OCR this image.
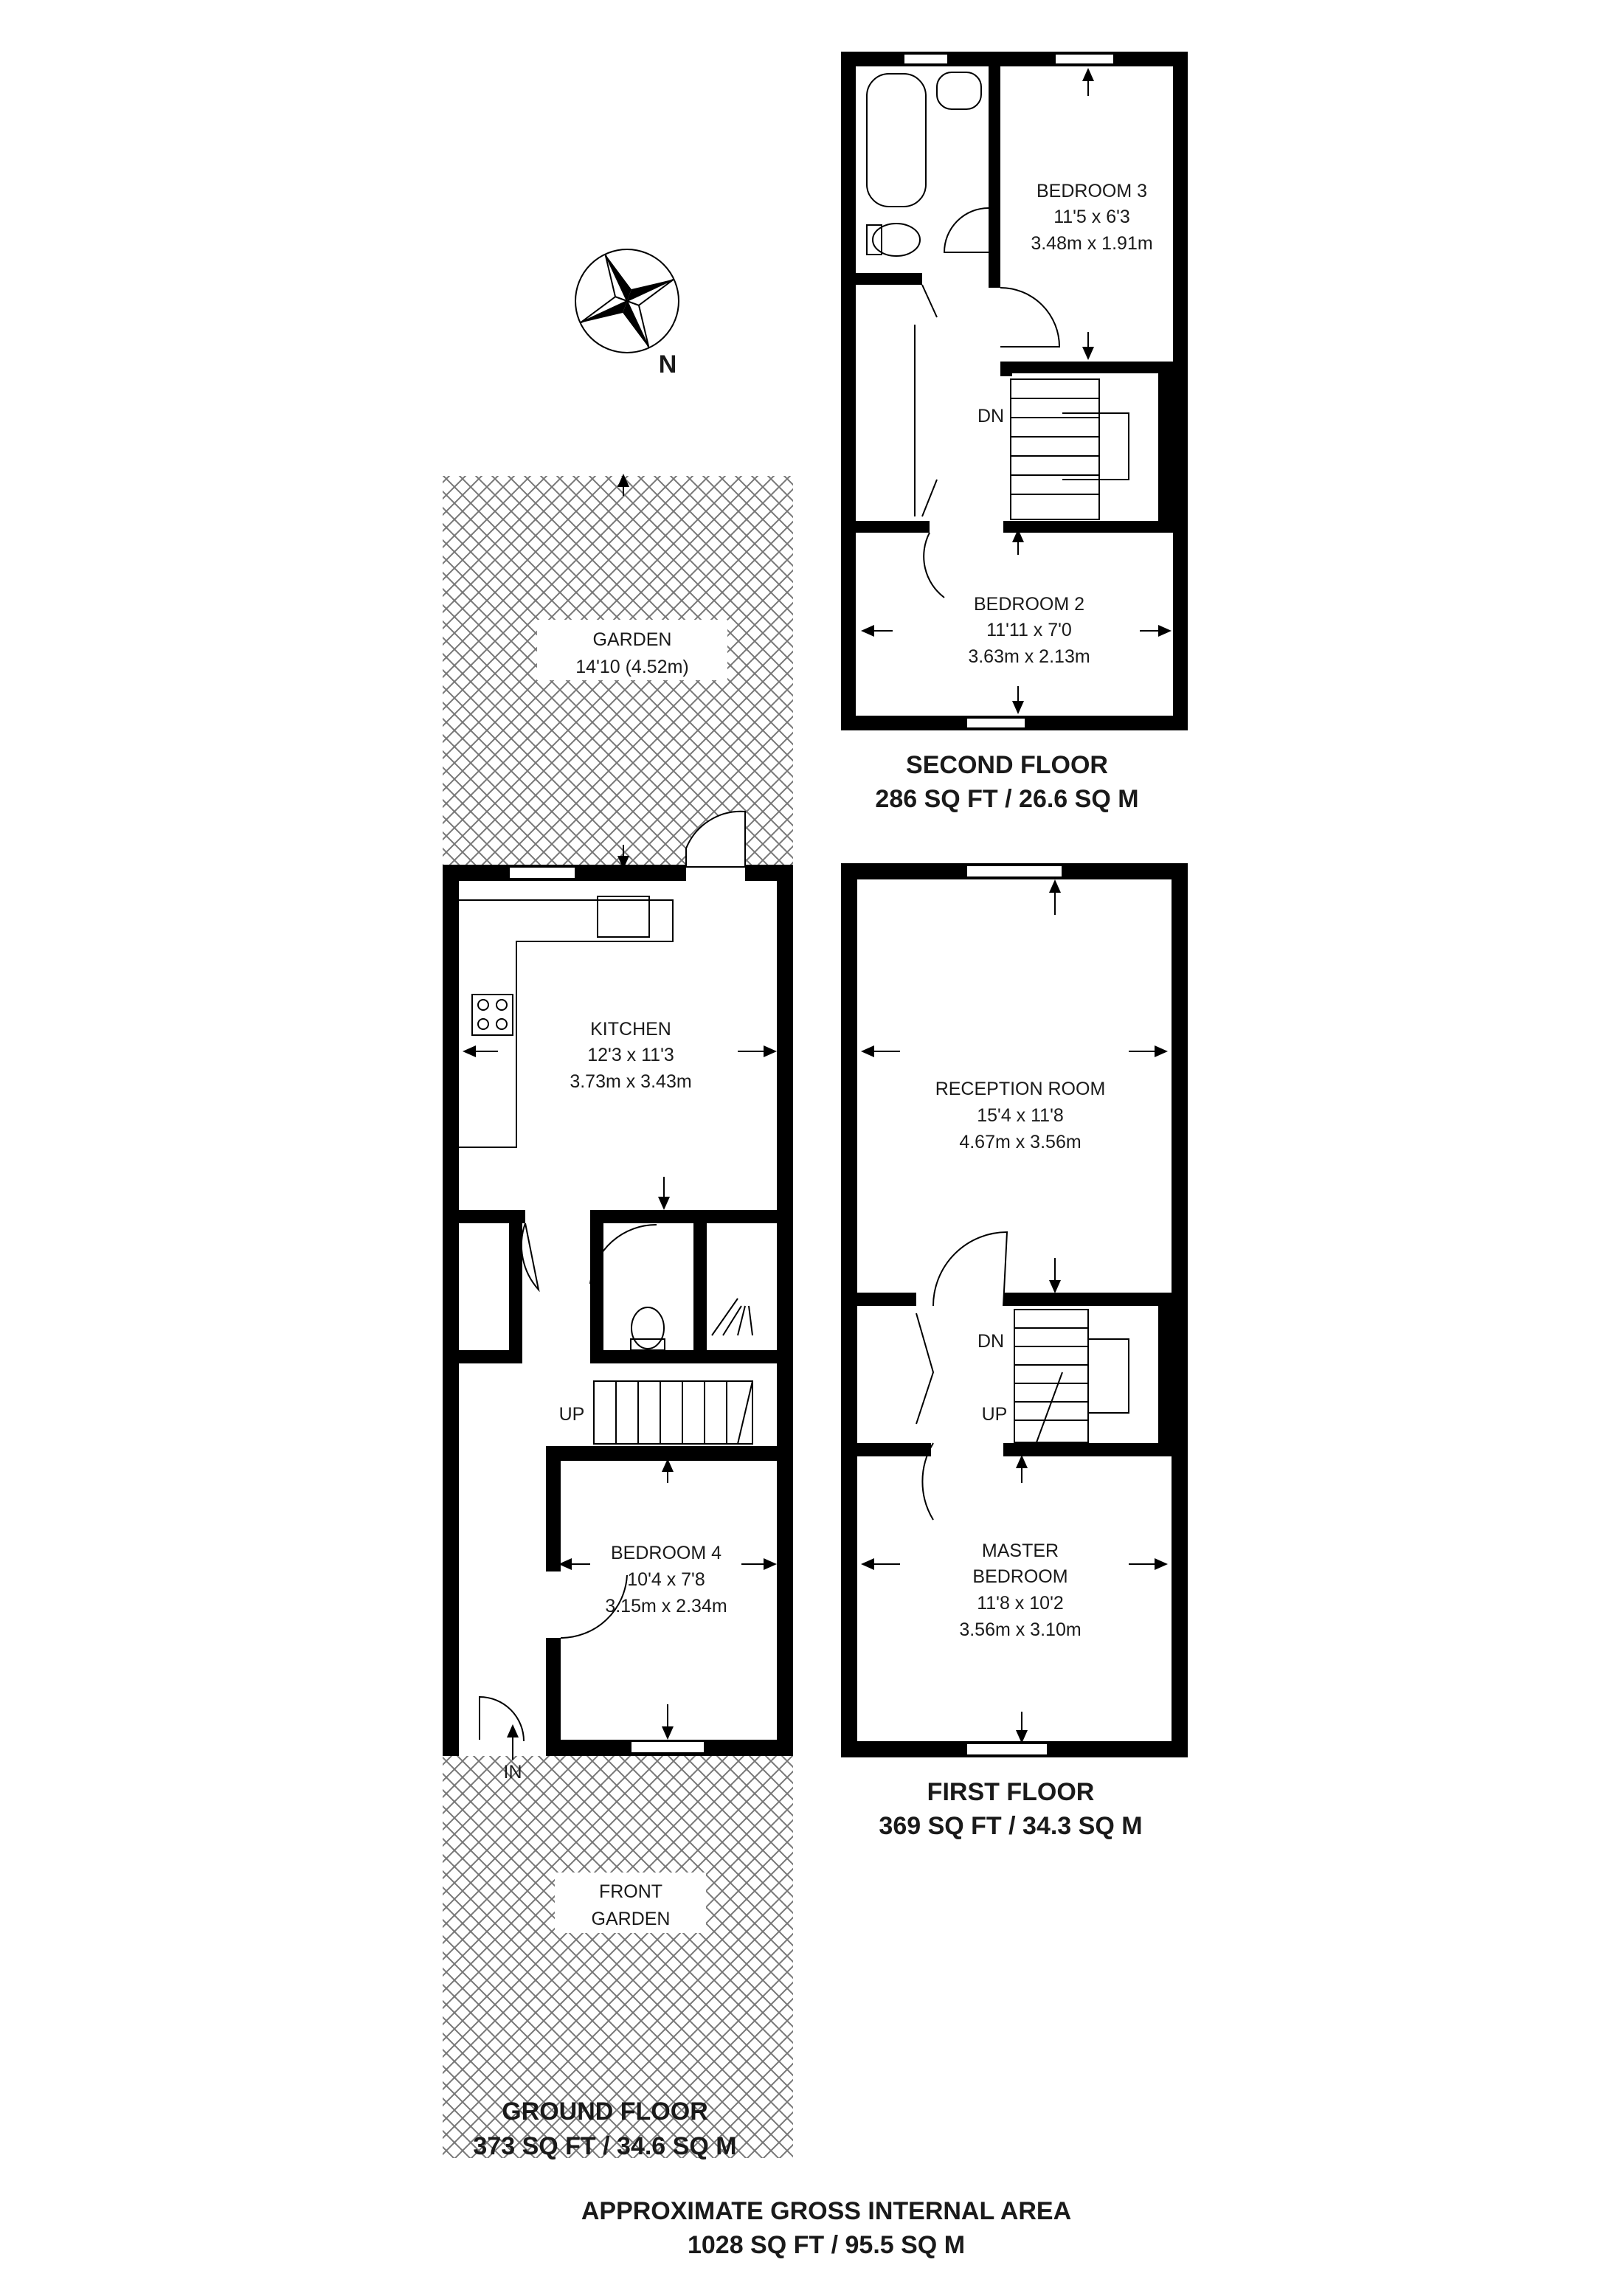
N
BEDROOM 3
11'5 x 6'3
3.48m x 1.91m
DN
BEDROOM 2
11'11 x 7'0
3.63m x 2.13m
SECOND FLOOR
286 SQ FT / 26.6 SQ M
RECEPTION ROOM
15'4 x 11'8
4.67m x 3.56m
DN
UP
MASTER
BEDROOM
11'8 x 10'2
3.56m x 3.10m
FIRST FLOOR
369 SQ FT / 34.3 SQ M
KITCHEN
12'3 x 11'3
3.73m x 3.43m
UP
BEDROOM 4
10'4 x 7'8
3.15m x 2.34m
IN
GARDEN
14'10 (4.52m)
FRONT
GARDEN
GROUND FLOOR
373 SQ FT / 34.6 SQ M
APPROXIMATE GROSS INTERNAL AREA
1028 SQ FT / 95.5 SQ M
